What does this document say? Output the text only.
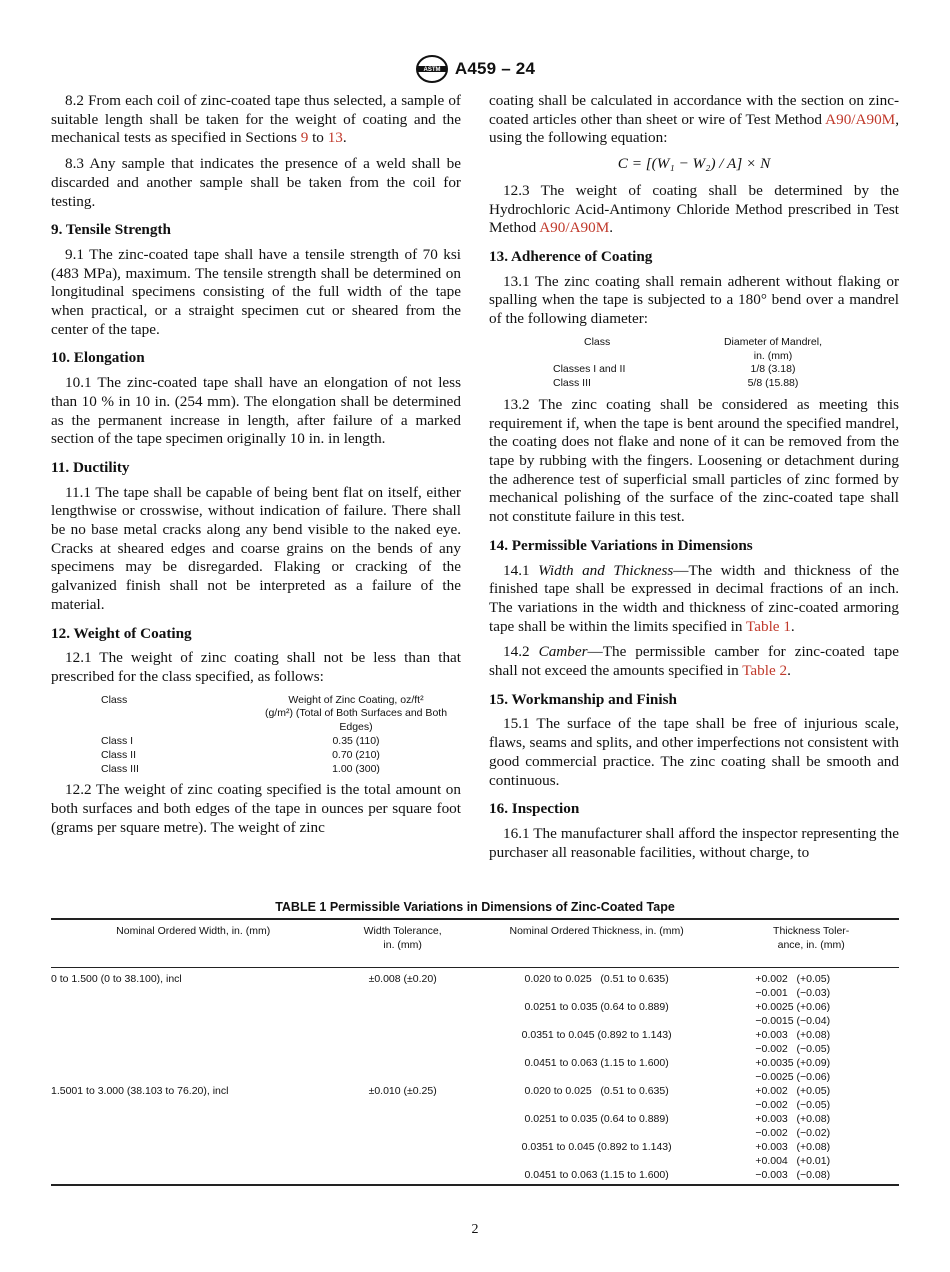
ASTM A459 – 24

8.2 From each coil of zinc-coated tape thus selected, a sample of suitable length shall be taken for the weight of coating and the mechanical tests as specified in Sections 9 to 13.

8.3 Any sample that indicates the presence of a weld shall be discarded and another sample shall be taken from the coil for testing.

9. Tensile Strength

9.1 The zinc-coated tape shall have a tensile strength of 70 ksi (483 MPa), maximum. The tensile strength shall be determined on longitudinal specimens consisting of the full width of the tape when practical, or a straight specimen cut or sheared from the center of the tape.

10. Elongation

10.1 The zinc-coated tape shall have an elongation of not less than 10 % in 10 in. (254 mm). The elongation shall be determined as the permanent increase in length, after failure of a marked section of the tape specimen originally 10 in. in length.

11. Ductility

11.1 The tape shall be capable of being bent flat on itself, either lengthwise or crosswise, without indication of failure. There shall be no base metal cracks along any bend visible to the naked eye. Cracks at sheared edges and coarse grains on the bends of any specimens may be disregarded. Flaking or cracking of the galvanized finish shall not be interpreted as a failure of the material.

12. Weight of Coating

12.1 The weight of zinc coating shall not be less than that prescribed for the class specified, as follows:

Class	Weight of Zinc Coating, oz/ft²
	(g/m²) (Total of Both Surfaces and Both Edges)
Class I	0.35 (110)
Class II	0.70 (210)
Class III	1.00 (300)

12.2 The weight of zinc coating specified is the total amount on both surfaces and both edges of the tape in ounces per square foot (grams per square metre). The weight of zinc

coating shall be calculated in accordance with the section on zinc-coated articles other than sheet or wire of Test Method A90/A90M, using the following equation:

C = [(W₁ − W₂) / A] × N

12.3 The weight of coating shall be determined by the Hydrochloric Acid-Antimony Chloride Method prescribed in Test Method A90/A90M.

13. Adherence of Coating

13.1 The zinc coating shall remain adherent without flaking or spalling when the tape is subjected to a 180° bend over a mandrel of the following diameter:

Class	Diameter of Mandrel,
	in. (mm)
Classes I and II	1/8 (3.18)
Class III	5/8 (15.88)

13.2 The zinc coating shall be considered as meeting this requirement if, when the tape is bent around the specified mandrel, the coating does not flake and none of it can be removed from the tape by rubbing with the fingers. Loosening or detachment during the adherence test of superficial small particles of zinc formed by mechanical polishing of the surface of the zinc-coated tape shall not constitute failure in this test.

14. Permissible Variations in Dimensions

14.1 Width and Thickness—The width and thickness of the finished tape shall be expressed in decimal fractions of an inch. The variations in the width and thickness of zinc-coated armoring tape shall be within the limits specified in Table 1.

14.2 Camber—The permissible camber for zinc-coated tape shall not exceed the amounts specified in Table 2.

15. Workmanship and Finish

15.1 The surface of the tape shall be free of injurious scale, flaws, seams and splits, and other imperfections not consistent with good commercial practice. The zinc coating shall be smooth and continuous.

16. Inspection

16.1 The manufacturer shall afford the inspector representing the purchaser all reasonable facilities, without charge, to

TABLE 1 Permissible Variations in Dimensions of Zinc-Coated Tape
Nominal Ordered Width, in. (mm)	Width Tolerance,
in. (mm)	Nominal Ordered Thickness, in. (mm)	Thickness Toler-
ance, in. (mm)
0 to 1.500 (0 to 38.100), incl	±0.008 (±0.20)	0.020 to 0.025   (0.51 to 0.635)	+0.002   (+0.05)
−0.001   (−0.03)

		0.0251 to 0.035 (0.64 to 0.889)	+0.0025 (+0.06)
−0.0015 (−0.04)

		0.0351 to 0.045 (0.892 to 1.143)	+0.003   (+0.08)
−0.002   (−0.05)

		0.0451 to 0.063 (1.15 to 1.600)	+0.0035 (+0.09)
−0.0025 (−0.06)

1.5001 to 3.000 (38.103 to 76.20), incl	±0.010 (±0.25)	0.020 to 0.025   (0.51 to 0.635)	+0.002   (+0.05)
−0.002   (−0.05)

		0.0251 to 0.035 (0.64 to 0.889)	+0.003   (+0.08)
−0.002   (−0.02)

		0.0351 to 0.045 (0.892 to 1.143)	+0.003   (+0.08)
+0.004   (+0.01)

		0.0451 to 0.063 (1.15 to 1.600)	−0.003   (−0.08)
2
